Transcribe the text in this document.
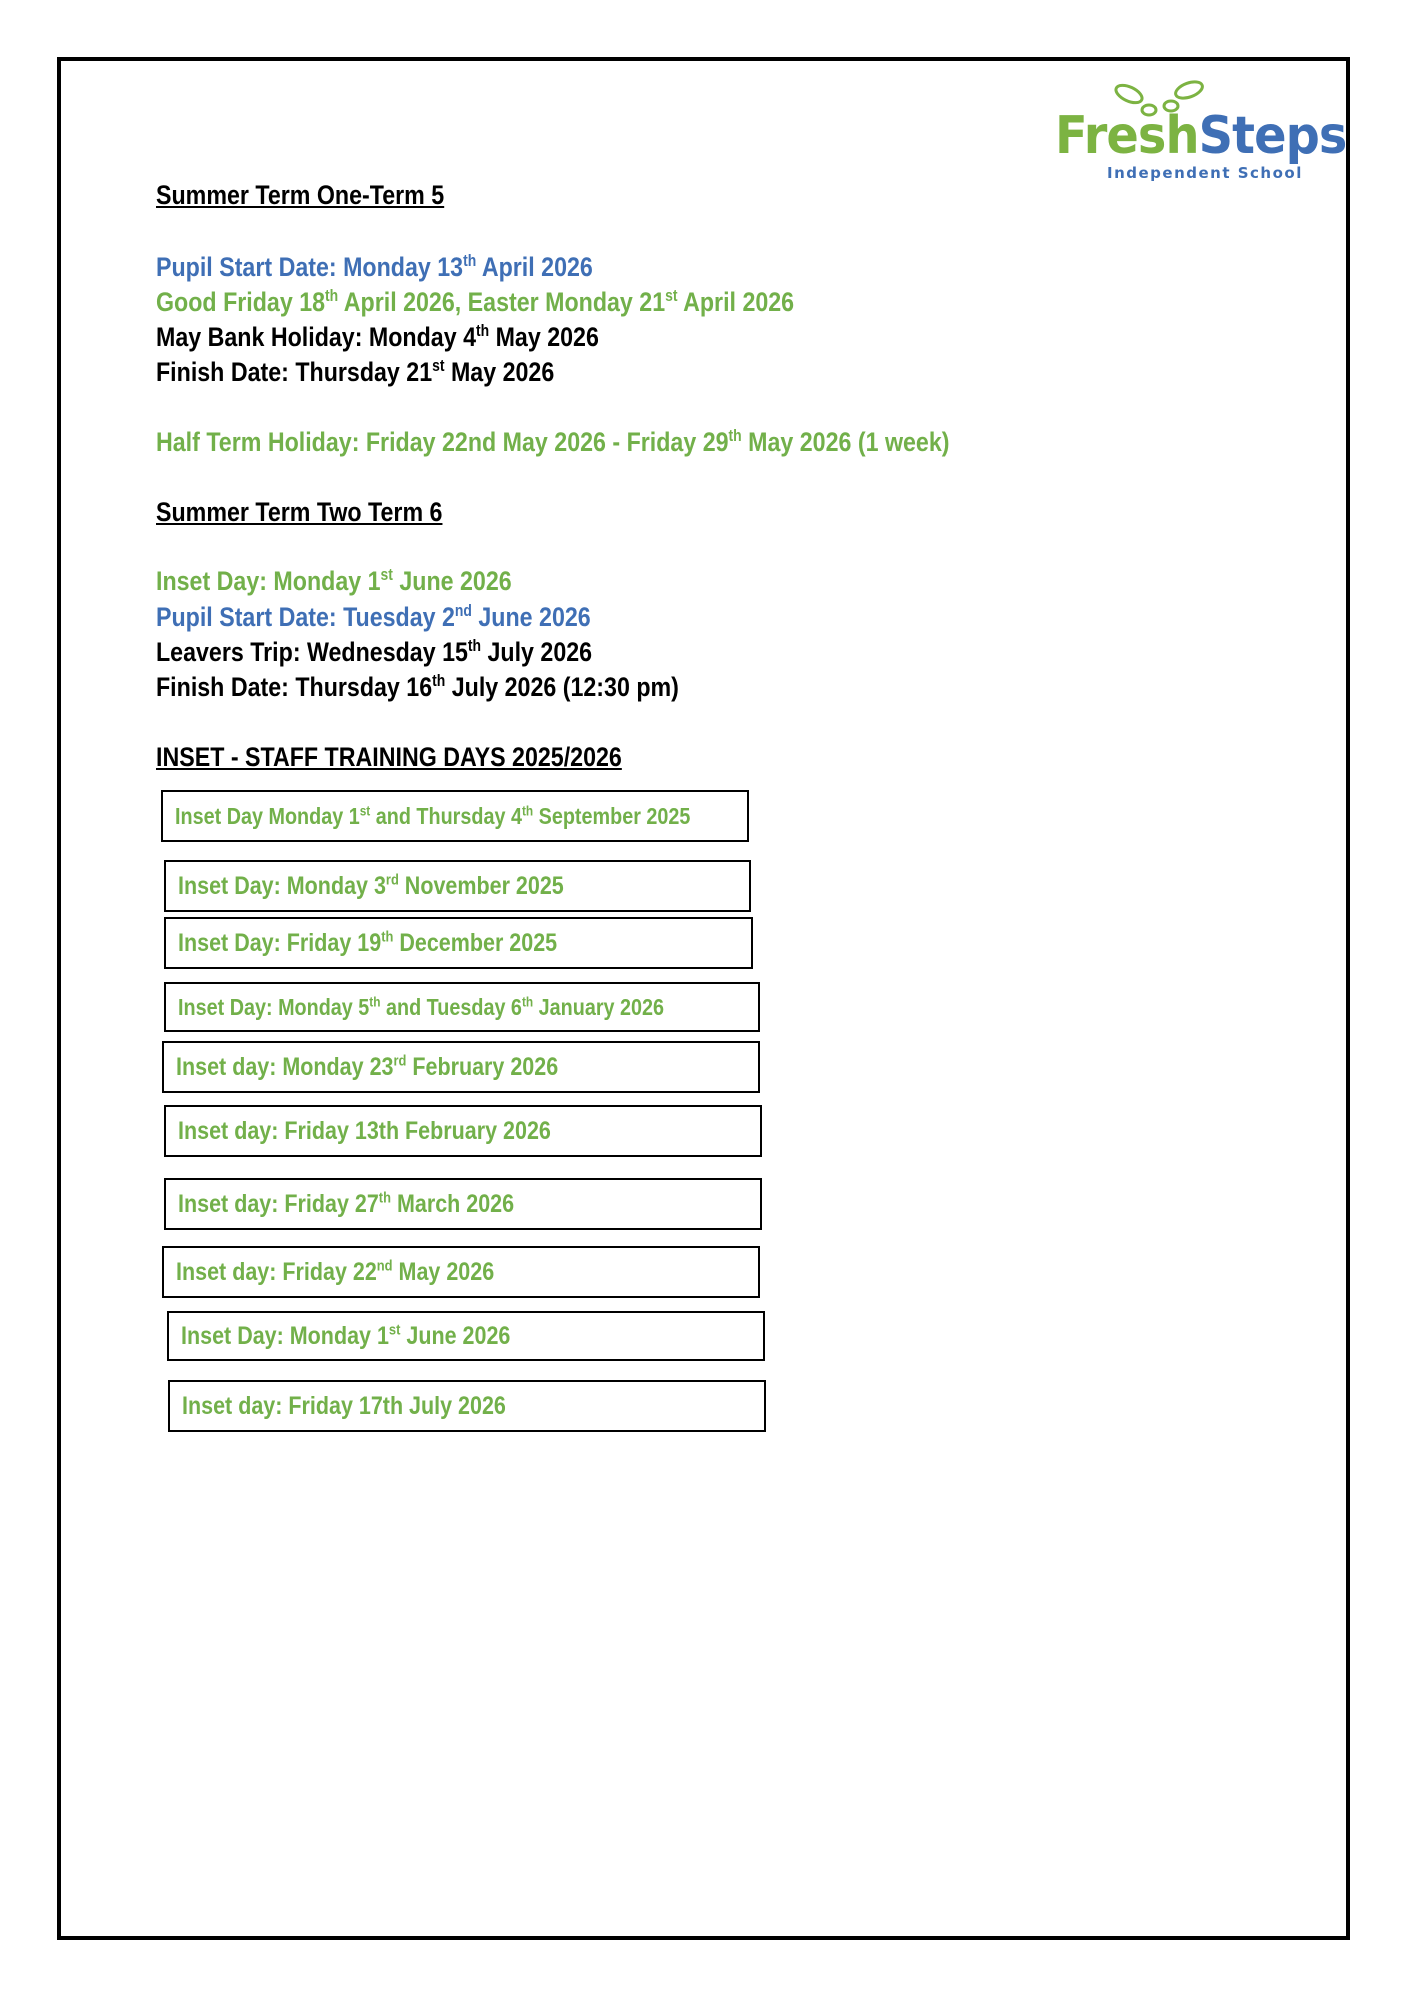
FreshSteps
Independent School
Summer Term One-Term 5
Pupil Start Date: Monday 13th April 2026
Good Friday 18th April 2026, Easter Monday 21st April 2026
May Bank Holiday: Monday 4th May 2026
Finish Date: Thursday 21st May 2026
Half Term Holiday: Friday 22nd May 2026 - Friday 29th May 2026 (1 week)
Summer Term Two Term 6
Inset Day: Monday 1st June 2026
Pupil Start Date: Tuesday 2nd June 2026
Leavers Trip: Wednesday 15th July 2026
Finish Date: Thursday 16th July 2026 (12:30 pm)
INSET - STAFF TRAINING DAYS 2025/2026
Inset Day Monday 1st and Thursday 4th September 2025
Inset Day: Monday 3rd November 2025
Inset Day: Friday 19th December 2025
Inset Day: Monday 5th and Tuesday 6th January 2026
Inset day: Monday 23rd February 2026
Inset day: Friday 13th February 2026
Inset day: Friday 27th March 2026
Inset day: Friday 22nd May 2026
Inset Day: Monday 1st June 2026
Inset day: Friday 17th July 2026
